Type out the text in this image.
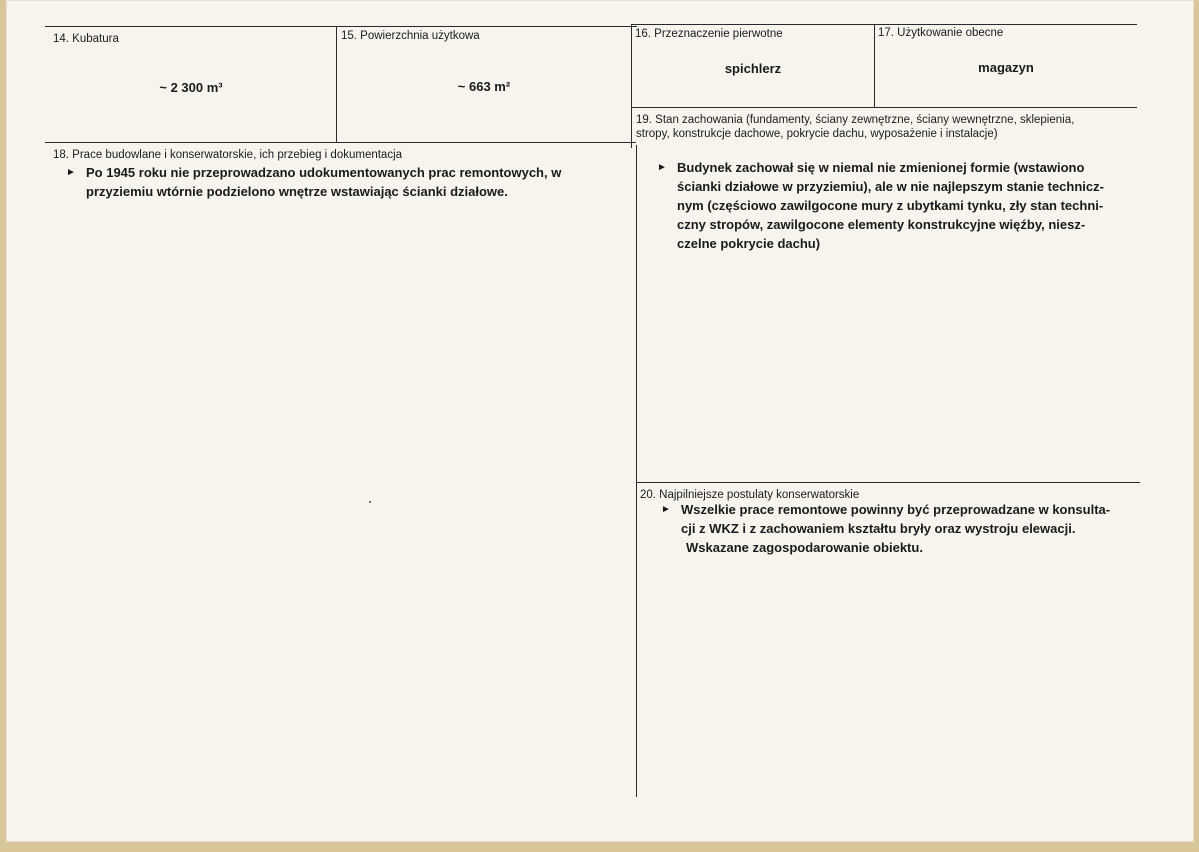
14. Kubatura
~ 2 300 m³
15. Powierzchnia użytkowa
~ 663 m²
16. Przeznaczenie pierwotne
spichlerz
17. Użytkowanie obecne
magazyn
18. Prace budowlane i konserwatorskie, ich przebieg i dokumentacja
► Po 1945 roku nie przeprowadzano udokumentowanych prac remontowych, w
przyziemiu wtórnie podzielono wnętrze wstawiając ścianki działowe.
19. Stan zachowania (fundamenty, ściany zewnętrzne, ściany wewnętrzne, sklepienia,
stropy, konstrukcje dachowe, pokrycie dachu, wyposażenie i instalacje)
► Budynek zachował się w niemal nie zmienionej formie (wstawiono
ścianki działowe w przyziemiu), ale w nie najlepszym stanie technicz-
nym (częściowo zawilgocone mury z ubytkami tynku, zły stan techni-
czny stropów, zawilgocone elementy konstrukcyjne więźby, niesz-
czelne pokrycie dachu)
20. Najpilniejsze postulaty konserwatorskie
► Wszelkie prace remontowe powinny być przeprowadzane w konsulta-
cji z WKZ i z zachowaniem kształtu bryły oraz wystroju elewacji.
Wskazane zagospodarowanie obiektu.
